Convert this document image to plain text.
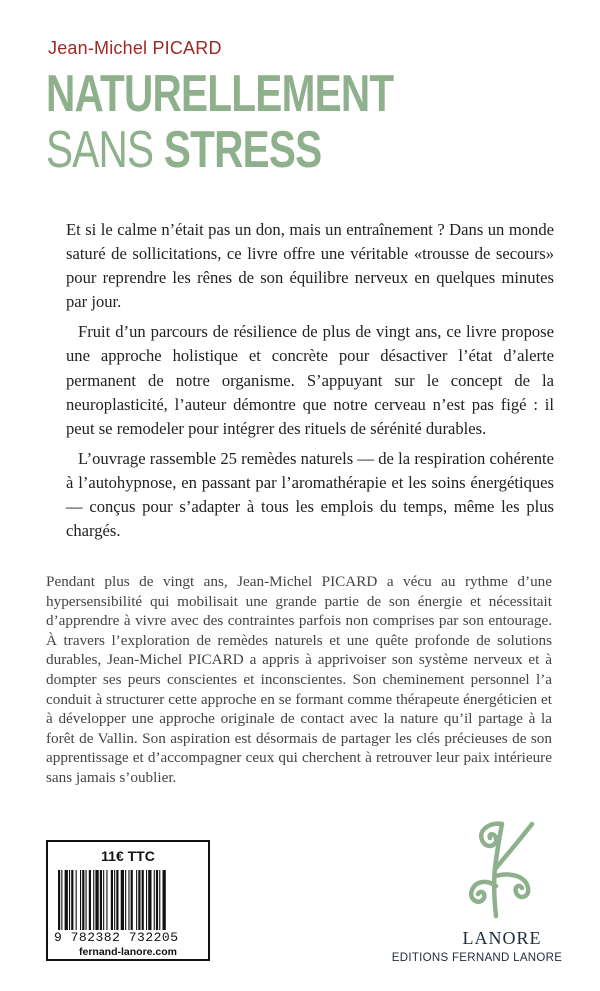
Jean-Michel PICARD
NATURELLEMENT
SANS STRESS

Et si le calme n’était pas un don, mais un entraînement ? Dans un monde saturé de sollicitations, ce livre offre une véritable «trousse de secours» pour reprendre les rênes de son équilibre nerveux en quelques minutes par jour.

Fruit d’un parcours de résilience de plus de vingt ans, ce livre propose une approche holistique et concrète pour désactiver l’état d’alerte permanent de notre organisme. S’appuyant sur le concept de la neuroplasticité, l’auteur démontre que notre cerveau n’est pas figé : il peut se remodeler pour intégrer des rituels de sérénité durables.

L’ouvrage rassemble 25 remèdes naturels — de la respiration cohérente à l’autohypnose, en passant par l’aromathérapie et les soins énergétiques — conçus pour s’adapter à tous les emplois du temps, même les plus chargés.

Pendant plus de vingt ans, Jean-Michel PICARD a vécu au rythme d’une hypersensibilité qui mobilisait une grande partie de son énergie et nécessitait d’apprendre à vivre avec des contraintes parfois non comprises par son entourage. À travers l’exploration de remèdes naturels et une quête profonde de solutions durables, Jean-Michel PICARD a appris à apprivoiser son système nerveux et à dompter ses peurs conscientes et inconscientes. Son cheminement personnel l’a conduit à structurer cette approche en se formant comme thérapeute énergéticien et à développer une approche originale de contact avec la nature qu’il partage à la forêt de Vallin. Son aspiration est désormais de partager les clés précieuses de son apprentissage et d’accompagner ceux qui cherchent à retrouver leur paix intérieure sans jamais s’oublier.
11€ TTC
9 782382 732205
fernand-lanore.com
LANORE
EDITIONS FERNAND LANORE
